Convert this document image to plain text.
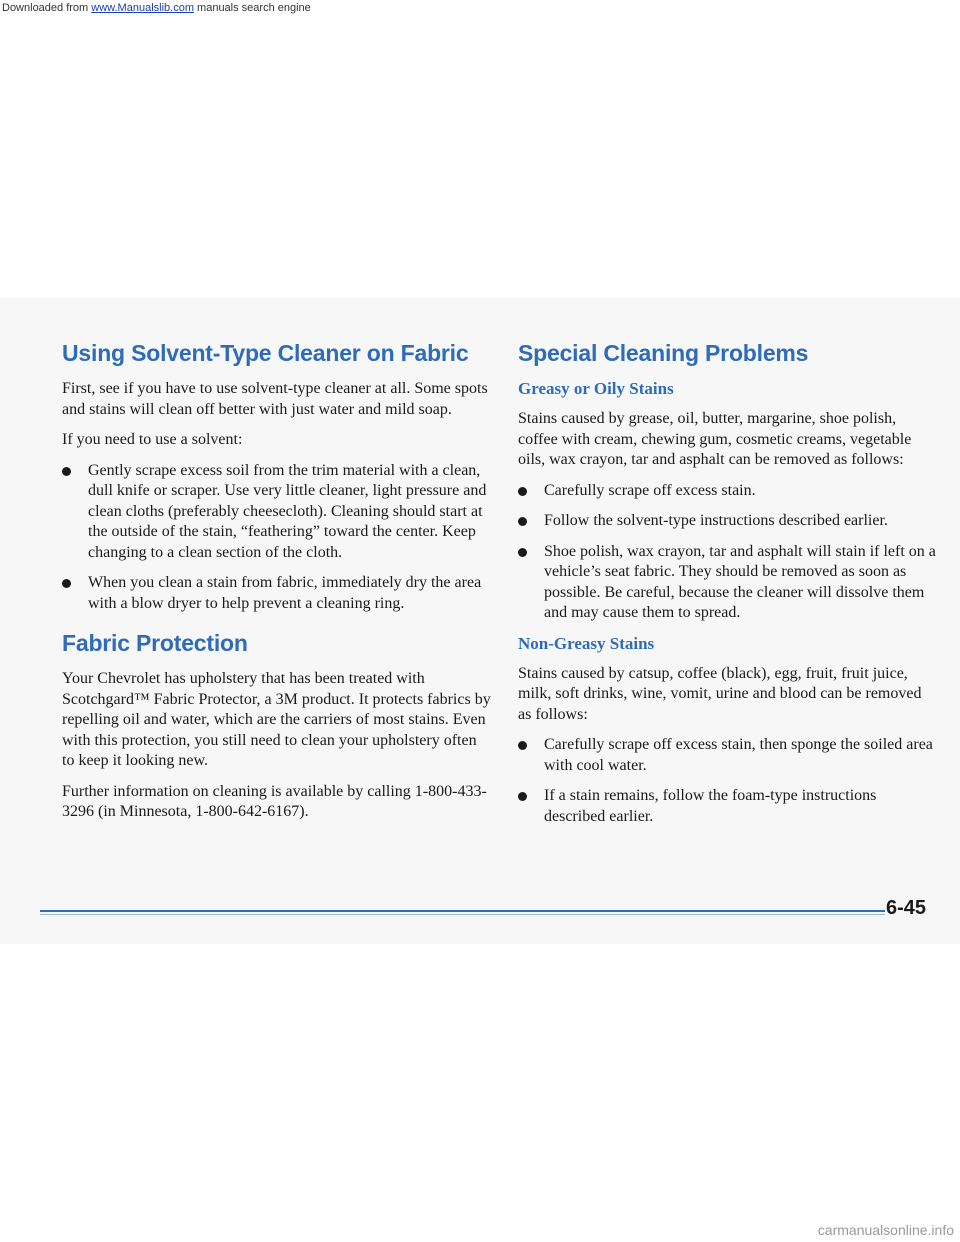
Downloaded from www.Manualslib.com manuals search engine
Using Solvent-Type Cleaner on Fabric

First, see if you have to use solvent-type cleaner at all. Some spots and stains will clean off better with just water and mild soap.

If you need to use a solvent:

Gently scrape excess soil from the trim material with a clean, dull knife or scraper. Use very little cleaner, light pressure and clean cloths (preferably cheesecloth). Cleaning should start at the outside of the stain, “feathering” toward the center. Keep changing to a clean section of the cloth.
When you clean a stain from fabric, immediately dry the area with a blow dryer to help prevent a cleaning ring.
Fabric Protection

Your Chevrolet has upholstery that has been treated with Scotchgard™ Fabric Protector, a 3M product. It protects fabrics by repelling oil and water, which are the carriers of most stains. Even with this protection, you still need to clean your upholstery often to keep it looking new.

Further information on cleaning is available by calling 1-800-433-3296 (in Minnesota, 1-800-642-6167).

Special Cleaning Problems
Greasy or Oily Stains

Stains caused by grease, oil, butter, margarine, shoe polish, coffee with cream, chewing gum, cosmetic creams, vegetable oils, wax crayon, tar and asphalt can be removed as follows:

Carefully scrape off excess stain.
Follow the solvent-type instructions described earlier.
Shoe polish, wax crayon, tar and asphalt will stain if left on a vehicle’s seat fabric. They should be removed as soon as possible. Be careful, because the cleaner will dissolve them and may cause them to spread.
Non-Greasy Stains

Stains caused by catsup, coffee (black), egg, fruit, fruit juice, milk, soft drinks, wine, vomit, urine and blood can be removed as follows:

Carefully scrape off excess stain, then sponge the soiled area with cool water.
If a stain remains, follow the foam-type instructions described earlier.
6-45
carmanualsonline.info
